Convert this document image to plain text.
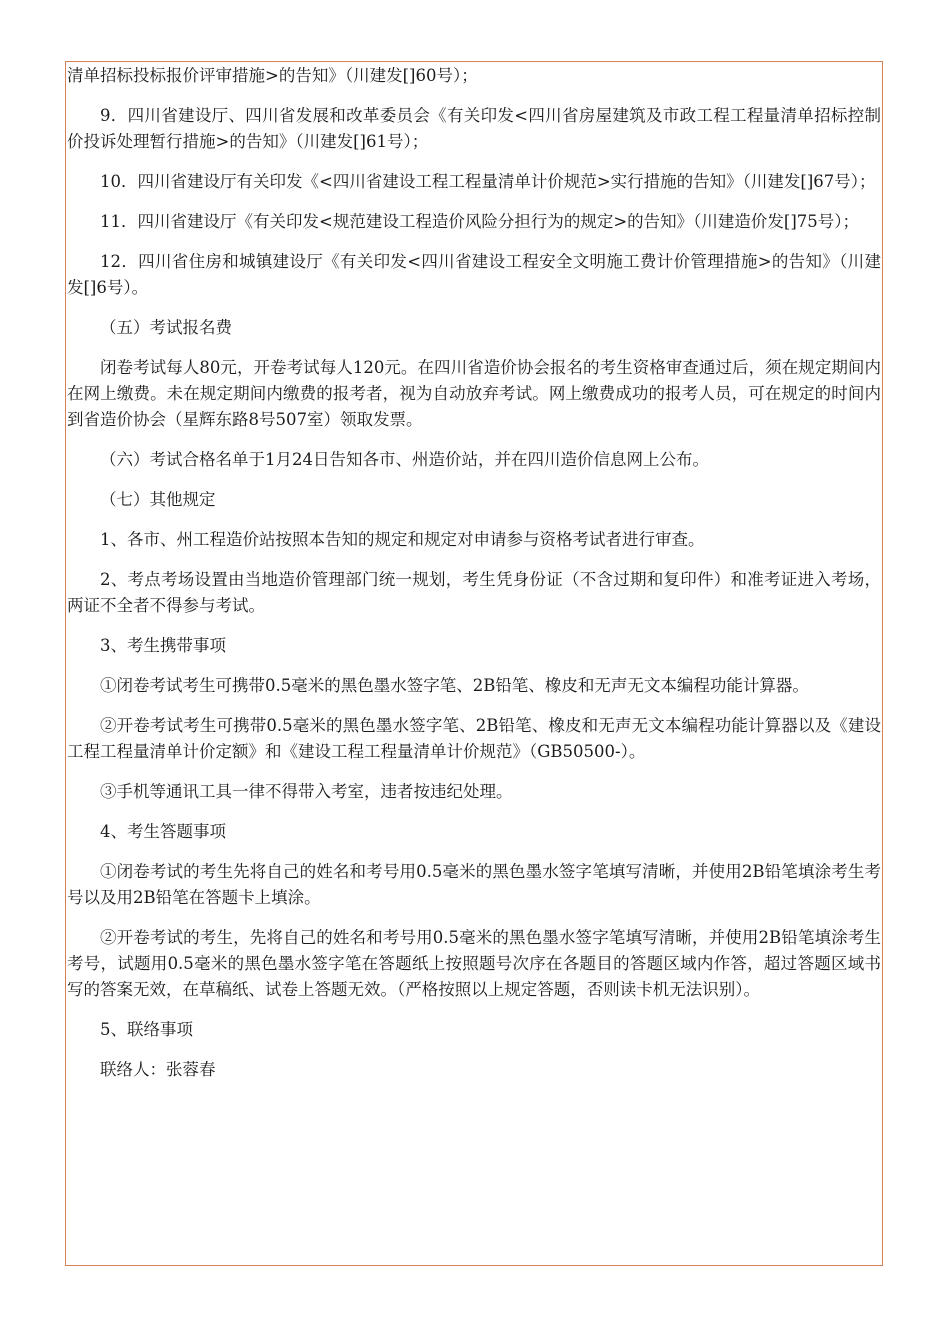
清单招标投标报价评审措施>的告知》（川建发[]60号）；

9．四川省建设厅、四川省发展和改革委员会《有关印发<四川省房屋建筑及市政工程工程量清单招标控制价投诉处理暂行措施>的告知》（川建发[]61号）；

10．四川省建设厅有关印发《<四川省建设工程工程量清单计价规范>实行措施的告知》（川建发[]67号）；

11．四川省建设厅《有关印发<规范建设工程造价风险分担行为的规定>的告知》（川建造价发[]75号）；

12．四川省住房和城镇建设厅《有关印发<四川省建设工程安全文明施工费计价管理措施>的告知》（川建发[]6号）。

（五）考试报名费

闭卷考试每人80元，开卷考试每人120元。在四川省造价协会报名的考生资格审查通过后，须在规定期间内在网上缴费。未在规定期间内缴费的报考者，视为自动放弃考试。网上缴费成功的报考人员，可在规定的时间内到省造价协会（星辉东路8号507室）领取发票。

（六）考试合格名单于1月24日告知各市、州造价站，并在四川造价信息网上公布。

（七）其他规定

1、各市、州工程造价站按照本告知的规定和规定对申请参与资格考试者进行审查。

2、考点考场设置由当地造价管理部门统一规划，考生凭身份证（不含过期和复印件）和准考证进入考场，两证不全者不得参与考试。

3、考生携带事项

①闭卷考试考生可携带0.5毫米的黑色墨水签字笔、2B铅笔、橡皮和无声无文本编程功能计算器。

②开卷考试考生可携带0.5毫米的黑色墨水签字笔、2B铅笔、橡皮和无声无文本编程功能计算器以及《建设工程工程量清单计价定额》和《建设工程工程量清单计价规范》（GB50500-）。

③手机等通讯工具一律不得带入考室，违者按违纪处理。

4、考生答题事项

①闭卷考试的考生先将自己的姓名和考号用0.5毫米的黑色墨水签字笔填写清晰，并使用2B铅笔填涂考生考号以及用2B铅笔在答题卡上填涂。

②开卷考试的考生，先将自己的姓名和考号用0.5毫米的黑色墨水签字笔填写清晰，并使用2B铅笔填涂考生考号，试题用0.5毫米的黑色墨水签字笔在答题纸上按照题号次序在各题目的答题区域内作答，超过答题区域书写的答案无效，在草稿纸、试卷上答题无效。（严格按照以上规定答题，否则读卡机无法识别）。

5、联络事项

联络人：张蓉春
